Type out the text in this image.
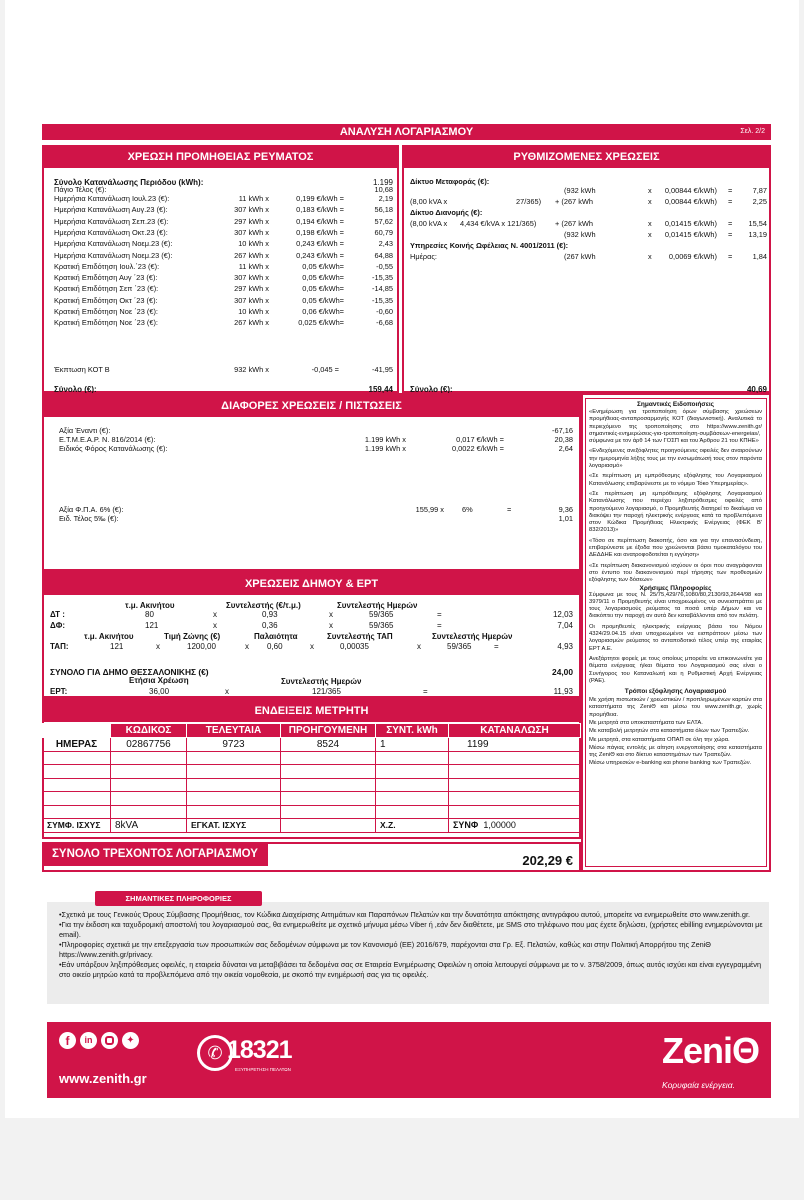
ΑΝΑΛΥΣΗ ΛΟΓΑΡΙΑΣΜΟΥ	Σελ. 2/2
ΧΡΕΩΣΗ ΠΡΟΜΗΘΕΙΑΣ ΡΕΥΜΑΤΟΣ
Σύνολο Κατανάλωσης Περιόδου (kWh):	1.199
Πάγιο Τέλος (€):	10,68
Ημερήσια Κατανάλωση Ιουλ.23 (€):	11 kWh x	0,199 €/kWh =	2,19
Ημερήσια Κατανάλωση Αυγ.23 (€):	307 kWh x	0,183 €/kWh =	56,18
Ημερήσια Κατανάλωση Σεπ.23 (€):	297 kWh x	0,194 €/kWh =	57,62
Ημερήσια Κατανάλωση Οκτ.23 (€):	307 kWh x	0,198 €/kWh =	60,79
Ημερήσια Κατανάλωση Νοεμ.23 (€):	10 kWh x	0,243 €/kWh =	2,43
Ημερήσια Κατανάλωση Νοεμ.23 (€):	267 kWh x	0,243 €/kWh =	64,88
Κρατική Επιδότηση Ιουλ.΄23 (€):	11 kWh x	0,05 €/kWh=	-0,55
Κρατική Επιδότηση Αυγ ΄23 (€):	307 kWh x	0,05 €/kWh=	-15,35
Κρατική Επιδότηση Σεπ ΄23 (€):	297 kWh x	0,05 €/kWh=	-14,85
Κρατική Επιδότηση Οκτ ΄23 (€):	307 kWh x	0,05 €/kWh=	-15,35
Κρατική Επιδότηση Νοε ΄23 (€):	10 kWh x	0,06 €/kWh=	-0,60
Κρατική Επιδότηση Νοε ΄23 (€):	267 kWh x	0,025 €/kWh=	-6,68
Έκπτωση ΚΟΤ Β	932 kWh x	-0,045 =	-41,95
Σύνολο (€):	159,44
ΡΥΘΜΙΖΟΜΕΝΕΣ ΧΡΕΩΣΕΙΣ
Δίκτυο Μεταφοράς (€):
(932 kWh	x	0,00844 €/kWh) =	7,87
(8,00 kVA x	27/365) + (267 kWh	x	0,00844 €/kWh) =	2,25
Δίκτυο Διανομής (€):
(8,00 kVA x 4,434 €/kVA x 121/365)	+ (267 kWh	x	0,01415 €/kWh) = 15,54
(932 kWh	x	0,01415 €/kWh) = 13,19
Υπηρεσίες Κοινής Ωφέλειας Ν. 4001/2011 (€):
Ημέρας:	(267 kWh	x	0,0069 €/kWh) =	1,84
Σύνολο (€):	40,69
ΔΙΑΦΟΡΕΣ ΧΡΕΩΣΕΙΣ / ΠΙΣΤΩΣΕΙΣ
Αξία Έναντι (€):	-67,16
Ε.Τ.Μ.Ε.Α.Ρ. Ν. 816/2014 (€):	1.199 kWh x	0,017 €/kWh =	20,38
Ειδικός Φόρος Κατανάλωσης (€):	1.199 kWh x	0,0022 €/kWh =	2,64
Αξία Φ.Π.Α. 6% (€):	155,99 x 6%	=	9,36
Ειδ. Τέλος 5‰ (€):	1,01
ΧΡΕΩΣΕΙΣ ΔΗΜΟΥ & ΕΡΤ
τ.μ. Ακινήτου	Συντελεστής (€/τ.μ.)	Συντελεστής Ημερών
ΔΤ :	80	x	0,93	x	59/365	=	12,03
ΔΦ:	121	x	0,36	x	59/365	=	7,04
τ.μ. Ακινήτου	Τιμή Ζώνης (€)	Παλαιότητα	Συντελεστής ΤΑΠ	Συντελεστής Ημερών
ΤΑΠ:	121	x	1200,00	x 0,60	x	0,00035	x	59/365	=	4,93
ΣΥΝΟΛΟ ΓΙΑ ΔΗΜΟ ΘΕΣΣΑΛΟΝΙΚΗΣ (€)	24,00
Ετήσια Χρέωση	Συντελεστής Ημερών
ΕΡΤ:	36,00	x	121/365	=	11,93
ΕΝΔΕΙΞΕΙΣ ΜΕΤΡΗΤΗ
	ΚΩΔΙΚΟΣ	ΤΕΛΕΥΤΑΙΑ	ΠΡΟΗΓΟΥΜΕΝΗ	ΣΥΝΤ. kWh	ΚΑΤΑΝΑΛΩΣΗ
ΗΜΕΡΑΣ	02867756	9723	8524	1	1199

ΣΥΜΦ. ΙΣΧΥΣ	8kVA	ΕΓΚΑΤ. ΙΣΧΥΣ		Χ.Ζ.	ΣΥΝΦ 1,00000
ΣΥΝΟΛΟ ΤΡΕΧΟΝΤΟΣ ΛΟΓΑΡΙΑΣΜΟΥ	202,29 €
Σημαντικές Ειδοποιήσεις

«Ενημέρωση για τροποποίηση όρων σύμβασης χρεώσεων προμήθειας-ανταπροσαρμογής ΚΟΤ (διαγωνιστική). Αναλυτικά το περιεχόμενο της τροποποίησης στο https://www.zenith.gr/σημαντικές-ενημερώσεις-για-τροποποίηση-συμβάσεων-energeias/, σύμφωνα με τον άρθ 14 των ΓΟΣΠ και του Άρθρου 21 του ΚΠΗΕ»

«Ενδεχόμενες ανεξόφλητες προηγούμενες οφειλές δεν αναιρούνων την ημερομηνία λήξης τους με την ενσωμάτωσή τους στον παρόντα λογαριασμό»

«Σε περίπτωση μη εμπρόθεσμης εξόφλησης του Λογαριασμού Κατανάλωσης επιβαρύνεστε με το νόμιμο Τόκο Υπερημερίας».

«Σε περίπτωση μη εμπρόθεσμης εξόφλησης Λογαριασμού Κατανάλωσης που περιέχει ληξιπρόθεσμες οφειλές από προηγούμενο λογαριασμό, ο Προμηθευτής διατηρεί το δικαίωμα να διακόψει την παροχή ηλεκτρικής ενέργειας κατά τα προβλεπόμενα στον Κώδικα Προμήθειας Ηλεκτρικής Ενέργειας (ΦΕΚ Β' 832/2013)»

«Τόσο σε περίπτωση διακοπής, όσο και για την επανασύνδεση, επιβαρύνεστε με έξοδα που χρεώνονται βάσει τιμοκαταλόγου του ΔΕΔΔΗΕ και ανατροφοδοτείται η εγγύηση»

«Σε περίπτωση διακανονισμού ισχύουν οι όροι που αναγράφονται στο έντυπο του διακανονισμού περί τήρησης των προθεσμιών εξόφλησης των δόσεων»

Χρήσιμες Πληροφορίες

Σύμφωνα με τους Ν. 25/75,429/76,1080/80,2130/93,2644/98 και 3979/11 ο Προμηθευτής είναι υποχρεωμένος να συνεισπράττει με τους λογαριασμούς ρεύματος τα ποσά υπέρ Δήμων και να διακόπτει την παροχή αν αυτά δεν καταβάλλονται από τον πελάτη.

Οι προμηθευτές ηλεκτρικής ενέργειας βάσει του Νόμου 4324/29.04.15 είναι υποχρεωμένοι να εισπράττουν μέσω των λογαριασμών ρεύματος το ανταποδοτικό τέλος υπέρ της εταιρίας ΕΡΤ Α.Ε.

Ανεξάρτητοι φορείς με τους οποίους μπορείτε να επικοινωνείτε για θέματα ενέργειας ή/και θέματα του Λογαριασμού σας είναι ο Συνήγορος του Καταναλωτή και η Ρυθμιστική Αρχή Ενέργειας (ΡΑΕ).

Τρόποι εξόφλησης Λογαριασμού

Με χρήση πιστωτικών / χρεωστικών / προπληρωμένων καρτών στα καταστήματα της ΖeniΘ και μέσω του www.zenith.gr, χωρίς προμήθεια.

Με μετρητά στα υποκαταστήματα των ΕΛΤΑ.

Με καταβολή μετρητών στα καταστήματα όλων των Τραπεζών.

Με μετρητά, στα καταστήματα ΟΠΑΠ σε όλη την χώρα.

Μέσω πάγιας εντολής με αίτηση ενεργοποίησης στα καταστήματα της ΖeniΘ και στο δίκτυο καταστημάτων των Τραπεζών.

Μέσω υπηρεσιών e-banking και phone banking των Τραπεζών.

ΣΗΜΑΝΤΙΚΕΣ ΠΛΗΡΟΦΟΡΙΕΣ

•Σχετικά με τους Γενικούς Όρους Σύμβασης Προμήθειας, τον Κώδικα Διαχείρισης Αιτημάτων και Παραπόνων Πελατών και την δυνατότητα απόκτησης αντιγράφου αυτού, μπορείτε να ενημερωθείτε στο www.zenith.gr.

•Για την έκδοση και ταχυδρομική αποστολή του λογαριασμού σας, θα ενημερωθείτε με σχετικό μήνυμα μέσω Viber ή ,εάν δεν διαθέτετε, με SMS στο τηλέφωνο που μας έχετε δηλώσει, (χρήστες ebilling ενημερώνονται με email).

•Πληροφορίες σχετικά με την επεξεργασία των προσωπικών σας δεδομένων σύμφωνα με τον Κανονισμό (ΕΕ) 2016/679, παρέχονται στα Γρ. Εξ. Πελατών, καθώς και στην Πολιτική Απορρήτου της ΖeniΘ https://www.zenith.gr/privacy.

•Εάν υπάρξουν ληξιπρόθεσμες οφειλές, η εταιρεία δύναται να μεταβιβάσει τα δεδομένα σας σε Εταιρεία Ενημέρωσης Οφειλών η οποία λειτουργεί σύμφωνα με το ν. 3758/2009, όπως αυτός ισχύει και είναι εγγεγραμμένη στο οικείο μητρώο κατά τα προβλεπόμενα από την οικεία νομοθεσία, με σκοπό την ενημέρωσή σας για τις οφειλές.

f	in	✦
www.zenith.gr
✆ 18321
ΕΞΥΠΗΡΕΤΗΣΗ ΠΕΛΑΤΩΝ	ZeniΘ
Κορυφαία ενέργεια.
